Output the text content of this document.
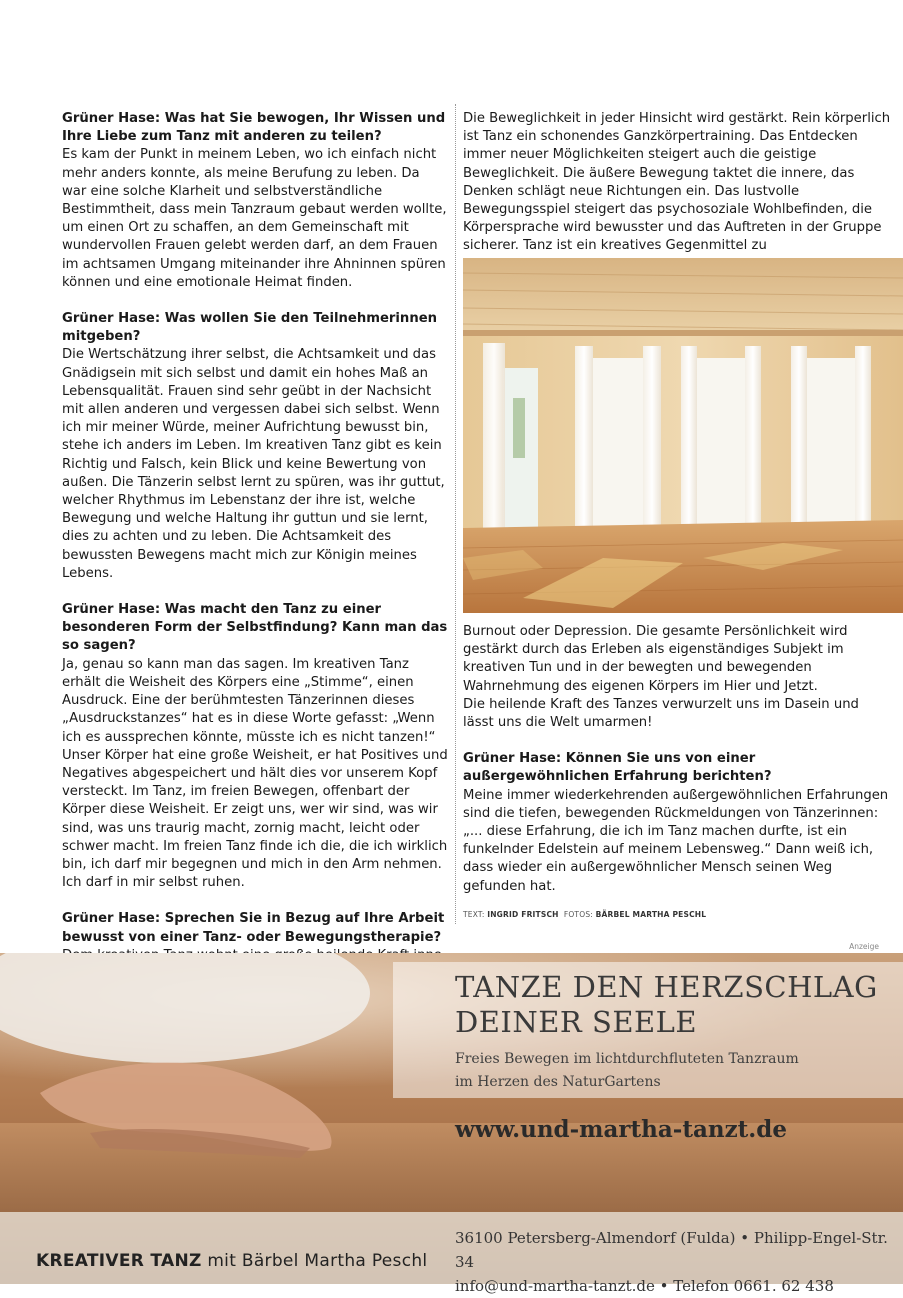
Grüner Hase: Was hat Sie bewogen, Ihr Wissen und Ihre Liebe zum Tanz mit anderen zu teilen?
Es kam der Punkt in meinem Leben, wo ich einfach nicht mehr anders konnte, als meine Berufung zu leben. Da war eine solche Klarheit und selbstverständliche Bestimmtheit, dass mein Tanzraum gebaut werden wollte, um einen Ort zu schaffen, an dem Gemeinschaft mit wundervollen Frauen gelebt werden darf, an dem Frauen im achtsamen Umgang miteinander ihre Ahninnen spüren können und eine emotionale Heimat finden.
Grüner Hase: Was wollen Sie den Teilnehmerinnen mitgeben?
Die Wertschätzung ihrer selbst, die Achtsamkeit und das Gnädigsein mit sich selbst und damit ein hohes Maß an Lebensqualität. Frauen sind sehr geübt in der Nachsicht mit allen anderen und vergessen dabei sich selbst. Wenn ich mir meiner Würde, meiner Aufrichtung bewusst bin, stehe ich anders im Leben. Im kreativen Tanz gibt es kein Richtig und Falsch, kein Blick und keine Bewertung von außen. Die Tänzerin selbst lernt zu spüren, was ihr guttut, welcher Rhythmus im Lebenstanz der ihre ist, welche Bewegung und welche Haltung ihr guttun und sie lernt, dies zu achten und zu leben. Die Achtsamkeit des bewussten Bewegens macht mich zur Königin meines Lebens.
Grüner Hase: Was macht den Tanz zu einer besonderen Form der Selbstfindung? Kann man das so sagen?
Ja, genau so kann man das sagen. Im kreativen Tanz erhält die Weisheit des Körpers eine „Stimme“, einen Ausdruck. Eine der berühmtesten Tänzerinnen dieses „Ausdruckstanzes“ hat es in diese Worte gefasst: „Wenn ich es aussprechen könnte, müsste ich es nicht tanzen!“ Unser Körper hat eine große Weisheit, er hat Positives und Negatives abgespeichert und hält dies vor unserem Kopf versteckt. Im Tanz, im freien Bewegen, offenbart der Körper diese Weisheit. Er zeigt uns, wer wir sind, was wir sind, was uns traurig macht, zornig macht, leicht oder schwer macht. Im freien Tanz finde ich die, die ich wirklich bin, ich darf mir begegnen und mich in den Arm nehmen. Ich darf in mir selbst ruhen.
Grüner Hase: Sprechen Sie in Bezug auf Ihre Arbeit bewusst von einer Tanz- oder Bewegungstherapie?
Die Beweglichkeit in jeder Hinsicht wird gestärkt. Rein körperlich ist Tanz ein schonendes Ganzkörpertraining. Das Entdecken immer neuer Möglichkeiten steigert auch die geistige Beweglichkeit. Die äußere Bewegung taktet die innere, das Denken schlägt neue Richtungen ein. Das lustvolle Bewegungsspiel steigert das psychosoziale Wohlbefinden, die Körpersprache wird bewusster und das Auftreten in der Gruppe sicherer. Tanz ist ein kreatives Gegenmittel zu
Burnout oder Depression. Die gesamte Persönlichkeit wird gestärkt durch das Erleben als eigenständiges Subjekt im kreativen Tun und in der bewegten und bewegenden Wahrnehmung des eigenen Körpers im Hier und Jetzt.
Die heilende Kraft des Tanzes verwurzelt uns im Dasein und lässt uns die Welt umarmen!
Grüner Hase: Können Sie uns von einer außergewöhnlichen Erfahrung berichten?
Meine immer wiederkehrenden außergewöhnlichen Erfahrungen sind die tiefen, bewegenden Rückmeldungen von Tänzerinnen: „... diese Erfahrung, die ich im Tanz machen durfte, ist ein funkelnder Edelstein auf meinem Lebensweg.“ Dann weiß ich, dass wieder ein außergewöhnlicher Mensch seinen Weg gefunden hat.
TEXT: INGRID FRITSCH FOTOS: BÄRBEL MARTHA PESCHL
Anzeige
TANZE DEN HERZSCHLAG
DEINER SEELE
Freies Bewegen im lichtdurchfluteten Tanzraum
im Herzen des NaturGartens
www.und-martha-tanzt.de
KREATIVER TANZ mit Bärbel Martha Peschl
36100 Petersberg-Almendorf (Fulda) • Philipp-Engel-Str. 34
info@und-martha-tanzt.de • Telefon 0661. 62 438
